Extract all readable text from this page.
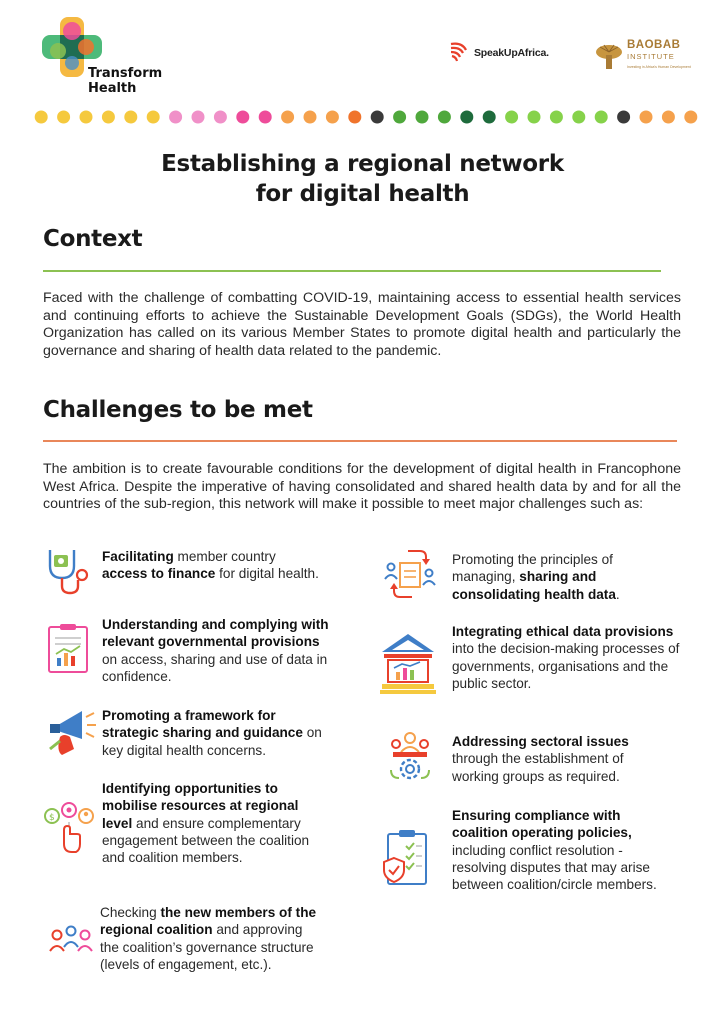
Transform
Health
SpeakUpAfrica.
BAOBAB
INSTITUTE
Investing in Africa's Human Development
Establishing a regional network
for digital health
Context

Faced with the challenge of combatting COVID-19, maintaining access to essential health services and continuing efforts to achieve the Sustainable Development Goals (SDGs), the World Health Organization has called on its various Member States to promote digital health and particularly the governance and sharing of health data related to the pandemic.

Challenges to be met

The ambition is to create favourable conditions for the development of digital health in Francophone West Africa. Despite the imperative of having consolidated and shared health data by and for all the countries of the sub-region, this network will make it possible to meet major challenges such as:

$
Facilitating member country access to finance for digital health.
Understanding and complying with relevant governmental provisions on access, sharing and use of data in confidence.
Promoting a framework for strategic sharing and guidance on key digital health concerns.
Identifying opportunities to mobilise resources at regional level and ensure complementary engagement between the coalition and coalition members.
Checking the new members of the regional coalition and approving the coalition’s governance structure (levels of engagement, etc.).
Promoting the principles of managing, sharing and consolidating health data.
Integrating ethical data provisions into the decision-making processes of governments, organisations and the public sector.
Addressing sectoral issues through the establishment of working groups as required.
Ensuring compliance with coalition operating policies, including conflict resolution - resolving disputes that may arise between coalition/circle members.
